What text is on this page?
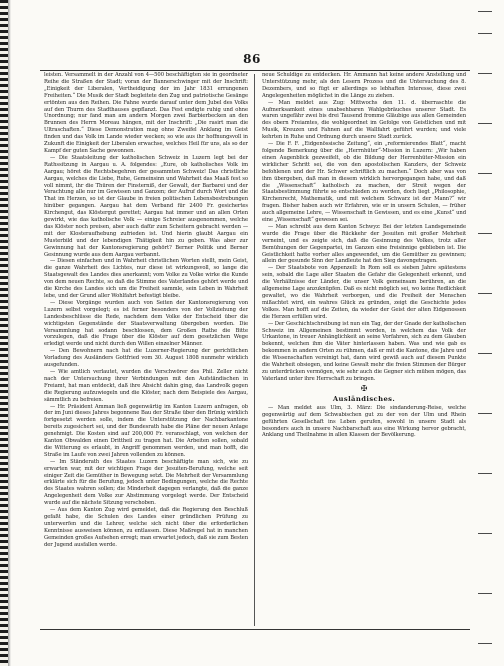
86

leisten. Versammelt in der Anzahl von 4—500 beschäftigten sie in geordneter Reihe die Straßen der Stadt; voran der Bannerschwinger mit der Inschrift: „Einigkeit der Liberalen, Vertheidigung der im Jahr 1831 errungenen Freiheiten.“ Die Musik der Stadt begleitete den Zug und patriotische Gesänge ertönten aus den Reihen. Die Fahne wurde darauf unter dem Jubel des Volks auf den Thurm des Stadthauses gepflanzt. Das Fest endigte ruhig und ohne Unordnung; nur fand man am andern Morgen zwei Barbierbecken an den Brunnen des Herrn Moreau hängen, mit der Inschrift: „Die rasirt man die Ultraschaften.“ Diese Demonstration mag ohne Zweifel Anklang im Geist finden und das Volk im Lande wieder wecken; so wie aus ihr hoffnungsvoll in Zukunft die Einigkeit der Liberalen erwachse, welches Heil für uns, als so der Kampf der guten Sache gewonnen.

— Die Staatsleitung der katholischen Schweiz in Luzern legt bei der Rathssitzung in Aargau u. A. folgendes: „Eure, ob katholisches Volk im Aargau; höret die Rechtsbegehren der gesammten Schweiz! Das christliche Aargau, welches die Liebe, Ruhe, Gemeinsinn und Wahrheit das Maaß fest so voll nimmt, ihr die Thüren der Finsterniß, der Gewalt, der Barbarei und der Verachtung alle nur im Gewissen und Ganzen; der Aufruf durch Wort und die That im Herzen, so ist der Glaube in freien politischen Lebensbestrebungen hinüber gegangen. Aargau hat dem Verband für 2400 Fr. gesichertes Kirchengut, das Klöstergut gerettet; Aargau hat immer und an allen Orten gewirkt, wie das katholische Volk — einige Schreier ausgenommen, welche das Klöster noch preisen, aber auch dafür zum Scheitern gebracht werden — mit der Klosteraufhebung zufrieden ist. Und hierin glaubt Aargau ein Musterbild und der lebendigen Thätigkeit hin zu geben. Was aber zur Gewinnung hat der Kantonsregierung gehört? Berner Politik und Berner Gesinnung wurde aus dem Aargau verbannt.

— Diesen einfachen und in Wahrheit christlichen Worten stellt, mein Geist, die ganze Wahrheit des Lichtes, nur diese ist wirkungsvoll, so lange die Staatsgewalt des Landes dies anerkannt; vom Volke zu Volke wirke die Kunde von dem neuen Rechte, so daß die Stimme des Vaterlandes gehört werde und die Kirche des Landes sich um die Freiheit sammle, sein Leben in Wahrheit lebe, und der Grund aller Wohlfahrt befestigt bleibe.

— Diese Vorgänge wurden auch von Seiten der Kantonsregierung von Luzern selbst vorgelegt; es ist ferner besonders von der Vollziehung der Landesbeschlüsse die Rede, nachdem dem Volke der Entscheid über die wichtigsten Gegenstände der Staatsverwaltung übergeben worden. Die Versammlung hat sodann beschlossen, dem Großen Rathe die Bitte vorzulegen, daß die Frage über die Klöster auf dem gesetzlichen Wege erledigt werde und nicht durch den Willen einzelner Männer.

— Den Bewohnern nach hat die Luzerner-Regierung der gerichtlichen Vorladung des Ausländers Gottfried vom 30. August 1808 nunmehr wirklich ausgefunden.

— Wie amtlich verlautet, wurden die Verschwörer des Phil. Zeller nicht nach der Untersuchung ihrer Verbindungen mit den Aufständischen in Freiamt, hat man entdeckt, daß ihre Absicht dahin ging, das Landvolk gegen die Regierung aufzuwiegeln und die Klöster, nach dem Beispiele des Aargau, sämmtlich zu befreien.

— Hr. Präsident Amman ließ gegenwärtig im Kanton Luzern anfragen, ob der im Juni dieses Jahres begonnene Bau der Straße über den Brünig wirklich fortgesetzt werden solle, indem die Unterstützung der Nachbarkantone bereits zugesichert sei, und der Bundesrath habe die Pläne der neuen Anlage genehmigt. Die Kosten sind auf 200,000 Fr. veranschlagt, von welchen der Kanton Obwalden einen Drittheil zu tragen hat. Die Arbeiten sollen, sobald die Witterung es erlaubt, in Angriff genommen werden, und man hofft, die Straße im Laufe von zwei Jahren vollenden zu können.

— Im Ständerath des Staates Luzern beschäftigte man sich, wie zu erwarten war, mit der wichtigen Frage der Jesuiten-Berufung, welche seit einiger Zeit die Gemüther in Bewegung setzt. Die Mehrheit der Versammlung erklärte sich für die Berufung, jedoch unter Bedingungen, welche die Rechte des Staates wahren sollen; die Minderheit dagegen verlangte, daß die ganze Angelegenheit dem Volke zur Abstimmung vorgelegt werde. Der Entscheid wurde auf die nächste Sitzung verschoben.

— Aus dem Kanton Zug wird gemeldet, daß die Regierung den Beschluß gefaßt habe, die Schulen des Landes einer gründlichen Prüfung zu unterwerfen und die Lehrer, welche sich nicht über die erforderlichen Kenntnisse ausweisen können, zu entlassen. Diese Maßregel hat in manchen Gemeinden großes Aufsehen erregt; man erwartet jedoch, daß sie zum Besten der Jugend ausfallen werde.

neue Schuldige zu entdecken. Hr. Ammann hat keine andere Anstellung und Unterstützung mehr, als den Lesern Prozess und die Untersuchung des 8. Dezembers, und so fügt er allerdings so lebhaften Interesse, diese zwei Angelegenheiten möglichst in die Länge zu ziehen.

— Man meldet aus Zug: Mittwochs den 11. d. überraschte die Aufmerksamkeit eines unabsehbaren Wahlgebräuches unserer Stadt. Es waren ungefähr zwei bis drei Tausend fromme Gläubige aus allen Gemeinden des obern Freiamtes, die wohlgeordnet im Gefolge von Geistlichen und mit Musik, Kreuzen und Fahnen auf die Wallfahrt geführt wurden; und viele kehrten in Ruhe und Ordnung durch unsere Stadt zurück.

— Die F. F. „Eidgenössische Zeitung“, ein „reformierendes Blatt“, macht folgende Bemerkung über die „Herrnhüter“-Mission in Luzern: „Wir haben einen Augenblick gezweifelt, ob die Bildung der Herrenhüter-Mission ein wirklicher Schritt sei, die von den apostolischen Kanzlers, der Schweiz befohlenen und der Hr. Schwer schriftlich zu machen.“ Doch aber was von ihm übergeben, daß man in diesem wirklich hervorgegangen habe, und daß die „Wissenschaft“ katholisch zu machen, der Streit wegen der Staatsbestimmung führte so entschieden zu werden, doch liegt „Philosophie, Kirchenrecht, Mathematik, und mit welchem Schwarz ist der Mann?“ wir fragen. Bisher haben auch wir Erfahren, wie er in unsern Schulen, — früher auch allgemeine Lehre, — Wissenschaft in Gewissen, und es eine „Kunst“ und eine „Wissenschaft“ gewesen sei.

— Man schreibt aus dem Kanton Schwyz: Bei der letzten Landsgemeinde wurde die Frage über die Rückkehr der Jesuiten mit großer Mehrheit verneint, und es zeigte sich, daß die Gesinnung des Volkes, trotz aller Bemühungen der Gegenpartei, im Ganzen eine freisinnige geblieben ist. Die Geistlichkeit hatte vorher alles angewendet, um die Gemüther zu gewinnen; allein der gesunde Sinn der Landleute hat den Sieg davongetragen.

— Der Staatsbote von Appenzell: In Rom soll es sieben Jahre spätestens sein, sobald die Lage aller Staaten die Gefahr die Gelegenheit erkennt, und die Verhältnisse der Länder, die unser Volk gemeinsam berühren, an die allgemeine Lage anzuknüpfen. Daß es nicht möglich sei, wo keine Redlichkeit gewaltet, wo die Wahrheit verborgen, und die Freiheit der Menschen mißachtet wird, ein wahres Glück zu gründen, zeigt die Geschichte jedes Volkes. Man hofft auf die Zeiten, da wieder der Geist der alten Eidgenossen die Herzen erfüllen wird.

— Der Geschichtschreibung ist nun ein Tag, der der Gnade der katholischen Schweiz im Allgemeinen bestimmt worden, in welchem das Volk der Urkantone, in treuer Anhänglichkeit an seine Vorfahren, sich zu dem Glauben bekennt, welchen ihm die Väter hinterlassen haben. Was und wie gab es bekommen in andern Orten zu rühmen, daß er mit die Kantone, die Jahre und die Wissenschaften vereinigt hat, dann wird gewiß auch auf diesem Punkte die Wahrheit obsiegen, und keine Gewalt mehr die freien Stimmen der Bürger zu unterdrücken vermögen, wie sehr auch die Gegner sich mühen mögen, das Vaterland unter ihre Herrschaft zu bringen.

✠
Ausländisches.

— Man meldet aus Ulm, 3. März: Die sindanderung-Reise, welche gegenwärtig auf dem Schwabischen gut zu der von der Ulm und Rhein geführten Gesellschaft ins Leben gerufen, sowohl in unsere Stadt als besonders auch in unsere Nachbarschaft aus eine Wirkung hervor gebracht, Anklang und Theilnahme in allen Klassen der Bevölkerung.
